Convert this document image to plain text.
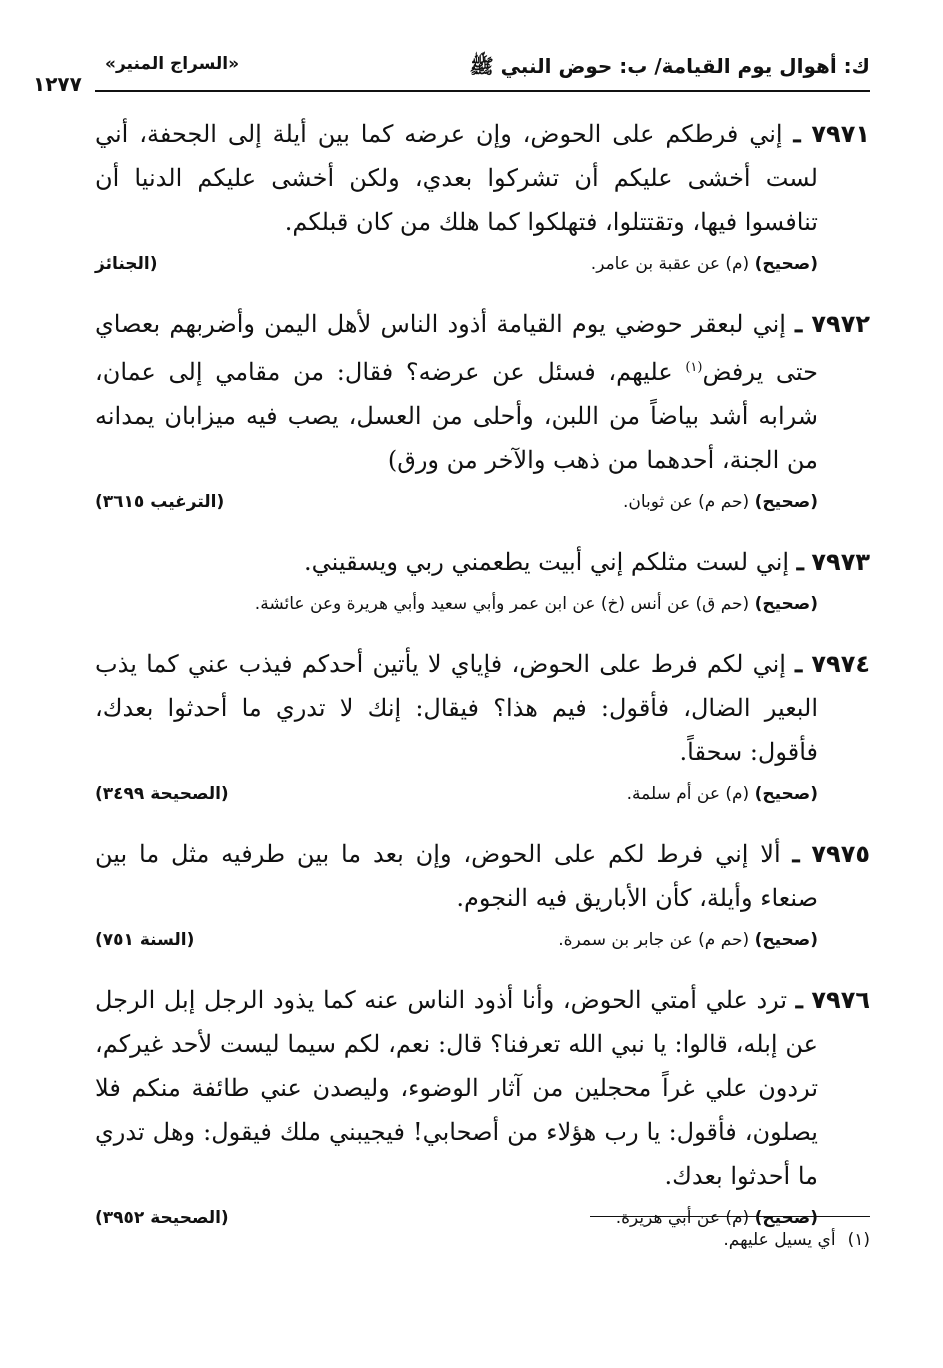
ك: أهوال يوم القيامة/ ب: حوض النبي ﷺ
«السراج المنير»
١٢٧٧

٧٩٧١ ـ إني فرطكم على الحوض، وإن عرضه كما بين أيلة إلى الجحفة، أني لست أخشى عليكم أن تشركوا بعدي، ولكن أخشى عليكم الدنيا أن تنافسوا فيها، وتقتتلوا، فتهلكوا كما هلك من كان قبلكم.

(صحيح) (م) عن عقبة بن عامر.
(الجنائز

٧٩٧٢ ـ إني لبعقر حوضي يوم القيامة أذود الناس لأهل اليمن وأضربهم بعصاي حتى يرفض$^{(١)}$ عليهم، فسئل عن عرضه؟ فقال: من مقامي إلى عمان، شرابه أشد بياضاً من اللبن، وأحلى من العسل، يصب فيه ميزابان يمدانه من الجنة، أحدهما من ذهب والآخر من ورق)

(صحيح) (حم م) عن ثوبان.
(الترغيب ٣٦١٥)

٧٩٧٣ ـ إني لست مثلكم إني أبيت يطعمني ربي ويسقيني.

(صحيح) (حم ق) عن أنس (خ) عن ابن عمر وأبي سعيد وأبي هريرة وعن عائشة.

٧٩٧٤ ـ إني لكم فرط على الحوض، فإياي لا يأتين أحدكم فيذب عني كما يذب البعير الضال، فأقول: فيم هذا؟ فيقال: إنك لا تدري ما أحدثوا بعدك، فأقول: سحقاً.

(صحيح) (م) عن أم سلمة.
(الصحيحة ٣٤٩٩)

٧٩٧٥ ـ ألا إني فرط لكم على الحوض، وإن بعد ما بين طرفيه مثل ما بين صنعاء وأيلة، كأن الأباريق فيه النجوم.

(صحيح) (حم م) عن جابر بن سمرة.
(السنة ٧٥١)

٧٩٧٦ ـ ترد علي أمتي الحوض، وأنا أذود الناس عنه كما يذود الرجل إبل الرجل عن إبله، قالوا: يا نبي الله تعرفنا؟ قال: نعم، لكم سيما ليست لأحد غيركم، تردون علي غراً محجلين من آثار الوضوء، وليصدن عني طائفة منكم فلا يصلون، فأقول: يا رب هؤلاء من أصحابي! فيجيبني ملك فيقول: وهل تدري ما أحدثوا بعدك.

(صحيح) (م) عن أبي هريرة.
(الصحيحة ٣٩٥٢)
(١)أي يسيل عليهم.
